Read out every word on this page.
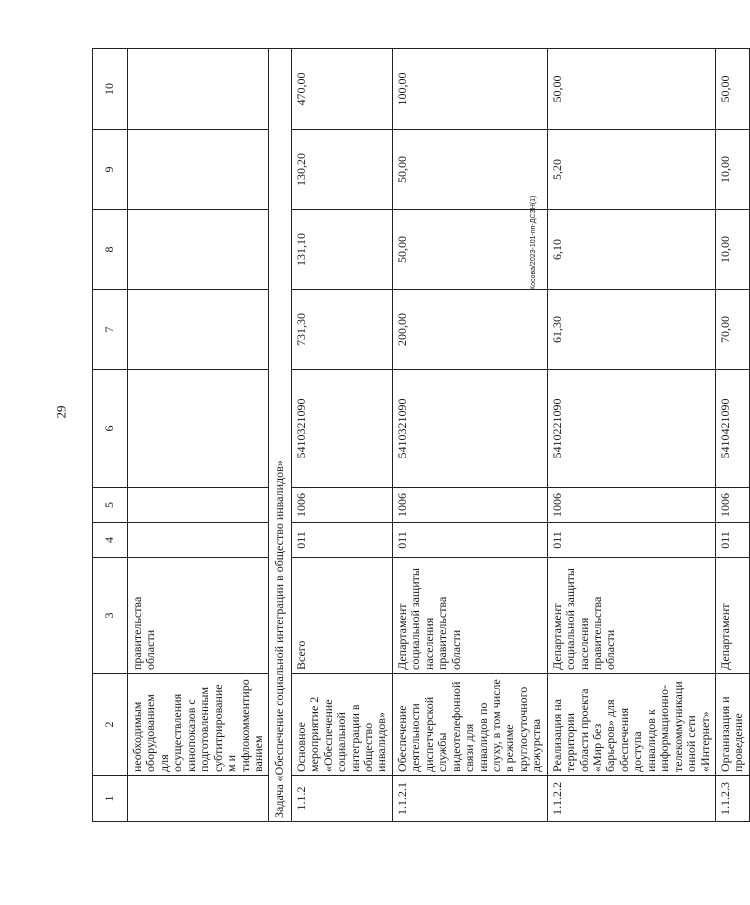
29
Косова/2023-101-пп-ДСЗН(1)
1	2	3	4	5	6	7	8	9	10
	необходимым оборудованием для осуществления кинопоказов с подготовленным субтитрированием и тифлокомментированием	правительства области							
Задача «Обеспечение социальной интеграции в общество инвалидов»									
1.1.2	Основное мероприятие 2 «Обеспечение социальной интеграции в общество инвалидов»	Всего	011	1006	5410321090	731,30	131,10	130,20	470,00
1.1.2.1	Обеспечение деятельности диспетчерской службы видеотелефонной связи для инвалидов по слуху, в том числе в режиме круглосуточного дежурства	Департамент социальной защиты населения правительства области	011	1006	5410321090	200,00	50,00	50,00	100,00
1.1.2.2	Реализация на территории области проекта «Мир без барьеров» для обеспечения доступа инвалидов к информационно-телекоммуникационной сети «Интернет»	Департамент социальной защиты населения правительства области	011	1006	5410221090	61,30	6,10	5,20	50,00
1.1.2.3	Организация и проведение	Департамент	011	1006	5410421090	70,00	10,00	10,00	50,00
